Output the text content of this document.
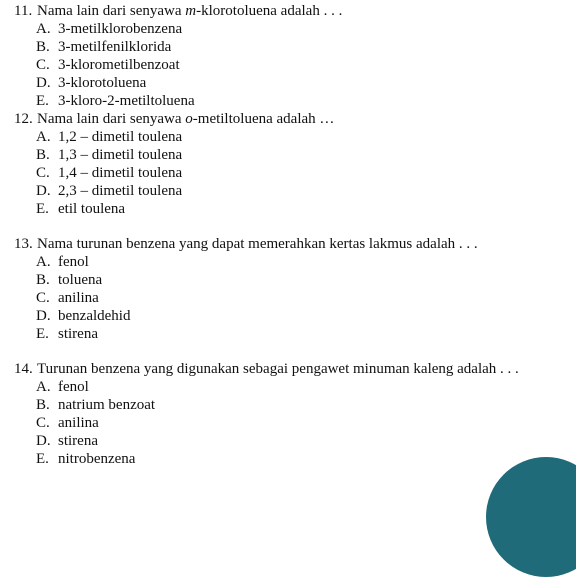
11. Nama lain dari senyawa m-klorotoluena adalah . . .
A. 3-metilklorobenzena
B. 3-metilfenilklorida
C. 3-klorometilbenzoat
D. 3-klorotoluena
E. 3-kloro-2-metiltoluena
12. Nama lain dari senyawa o-metiltoluena adalah …
A. 1,2 – dimetil toulena
B. 1,3 – dimetil toulena
C. 1,4 – dimetil toulena
D. 2,3 – dimetil toulena
E. etil toulena
13. Nama turunan benzena yang dapat memerahkan kertas lakmus adalah . . .
A. fenol
B. toluena
C. anilina
D. benzaldehid
E. stirena
14. Turunan benzena yang digunakan sebagai pengawet minuman kaleng adalah . . .
A. fenol
B. natrium benzoat
C. anilina
D. stirena
E. nitrobenzena
